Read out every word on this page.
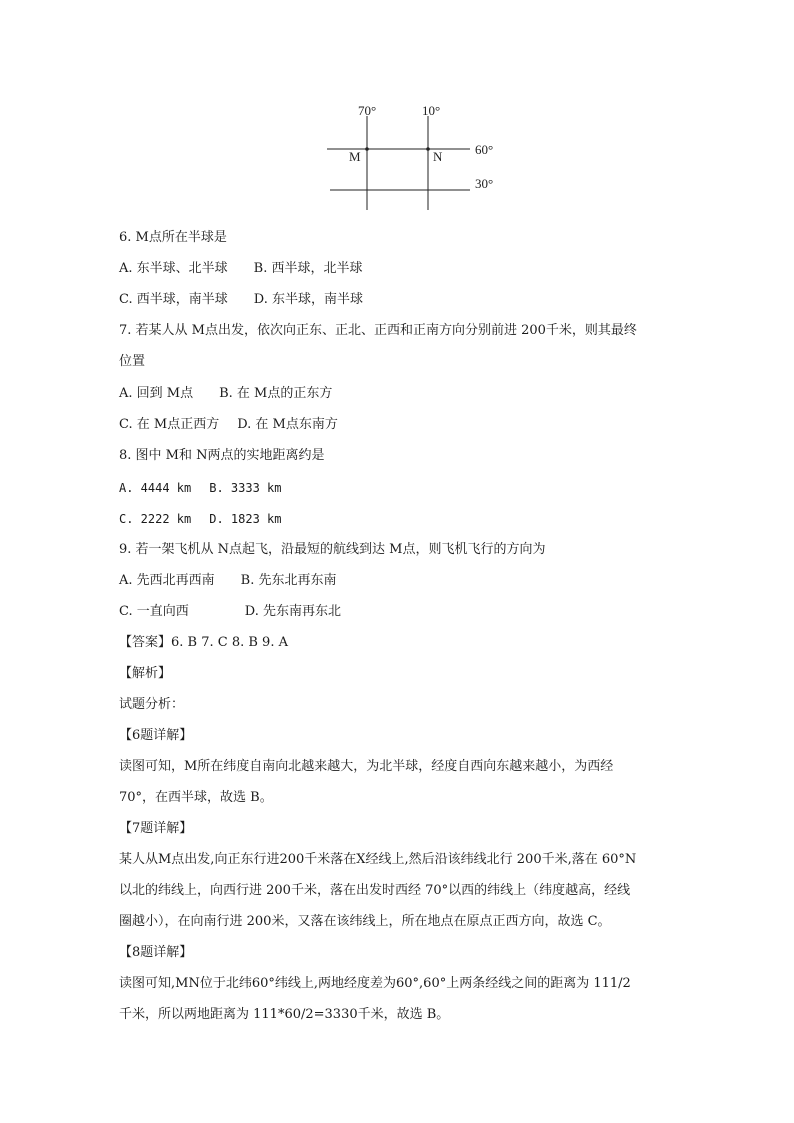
70°	10°
60°
30°
M	N
6. M点所在半球是
A. 东半球、北半球 B. 西半球，北半球
C. 西半球，南半球 D. 东半球，南半球
7. 若某人从 M点出发，依次向正东、正北、正西和正南方向分别前进 200千米，则其最终
位置
A. 回到 M点 B. 在 M点的正东方
C. 在 M点正西方 D. 在 M点东南方
8. 图中 M和 N两点的实地距离约是
A. 4444 km B. 3333 km
C. 2222 km D. 1823 km
9. 若一架飞机从 N点起飞，沿最短的航线到达 M点，则飞机飞行的方向为
A. 先西北再西南 B. 先东北再东南
C. 一直向西	D. 先东南再东北
【答案】6. B 7. C 8. B 9. A
【解析】
试题分析：
【6题详解】
读图可知，M所在纬度自南向北越来越大，为北半球，经度自西向东越来越小，为西经
70°，在西半球，故选 B。
【7题详解】
某人从M点出发,向正东行进200千米落在X经线上,然后沿该纬线北行 200千米,落在 60°N
以北的纬线上，向西行进 200千米，落在出发时西经 70°以西的纬线上（纬度越高，经线
圈越小），在向南行进 200米，又落在该纬线上，所在地点在原点正西方向，故选 C。
【8题详解】
读图可知,MN位于北纬60°纬线上,两地经度差为60°,60°上两条经线之间的距离为 111/2
千米，所以两地距离为 111*60/2=3330千米，故选 B。
